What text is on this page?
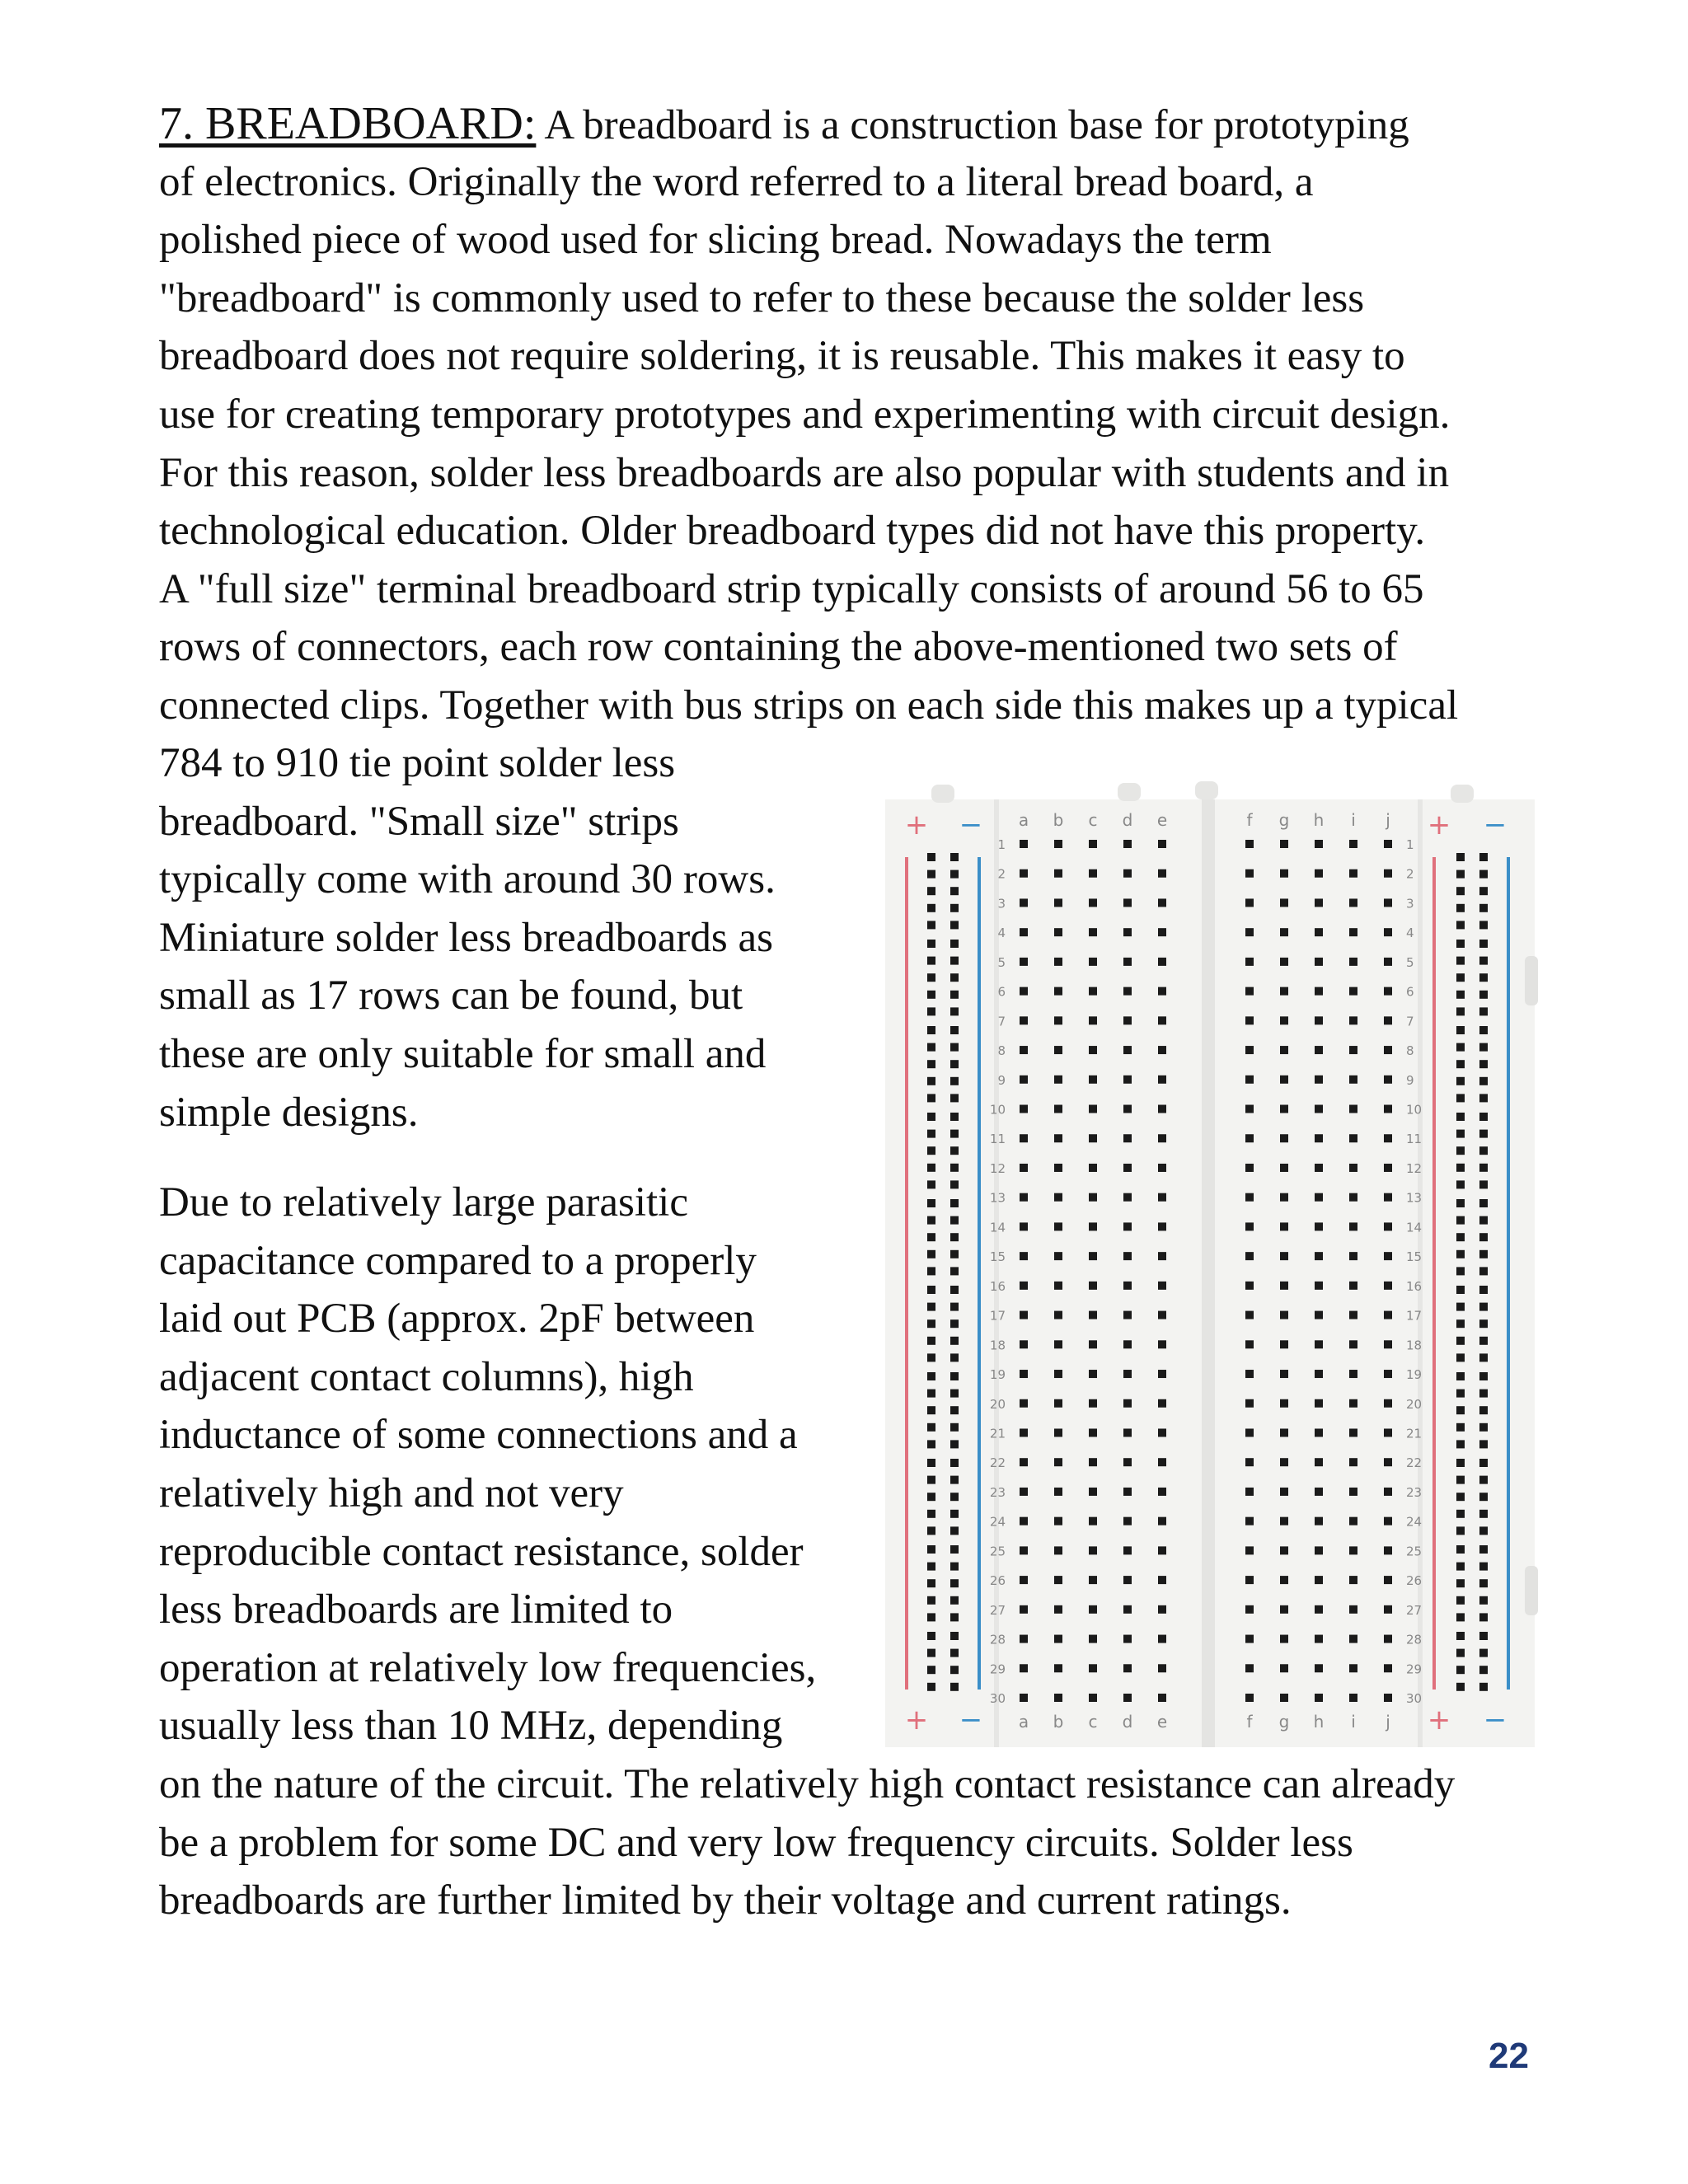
7. BREADBOARD: A breadboard is a construction base for prototyping
of electronics. Originally the word referred to a literal bread board, a
polished piece of wood used for slicing bread. Nowadays the term
"breadboard" is commonly used to refer to these because the solder less
breadboard does not require soldering, it is reusable. This makes it easy to
use for creating temporary prototypes and experimenting with circuit design.
For this reason, solder less breadboards are also popular with students and in
technological education. Older breadboard types did not have this property.
A "full size" terminal breadboard strip typically consists of around 56 to 65
rows of connectors, each row containing the above-mentioned two sets of
connected clips. Together with bus strips on each side this makes up a typical
784 to 910 tie point solder less
breadboard. "Small size" strips
typically come with around 30 rows.
Miniature solder less breadboards as
small as 17 rows can be found, but
these are only suitable for small and
simple designs.
Due to relatively large parasitic
capacitance compared to a properly
laid out PCB (approx. 2pF between
adjacent contact columns), high
inductance of some connections and a
relatively high and not very
reproducible contact resistance, solder
less breadboards are limited to
operation at relatively low frequencies,
usually less than 10 MHz, depending
on the nature of the circuit. The relatively high contact resistance can already
be a problem for some DC and very low frequency circuits. Solder less
breadboards are further limited by their voltage and current ratings.
+ −	+ −
+ −	+ −
a b c d e	f g h i j
a b c d e	f g h i j
1	1
2	2
3	3
4	4
5	5
6	6
7	7
8	8
9	9
10	10
11	11
12	12
13	13
14	14
15	15
16	16
17	17
18	18
19	19
20	20
21	21
22	22
23	23
24	24
25	25
26	26
27	27
28	28
29	29
30	30
22
